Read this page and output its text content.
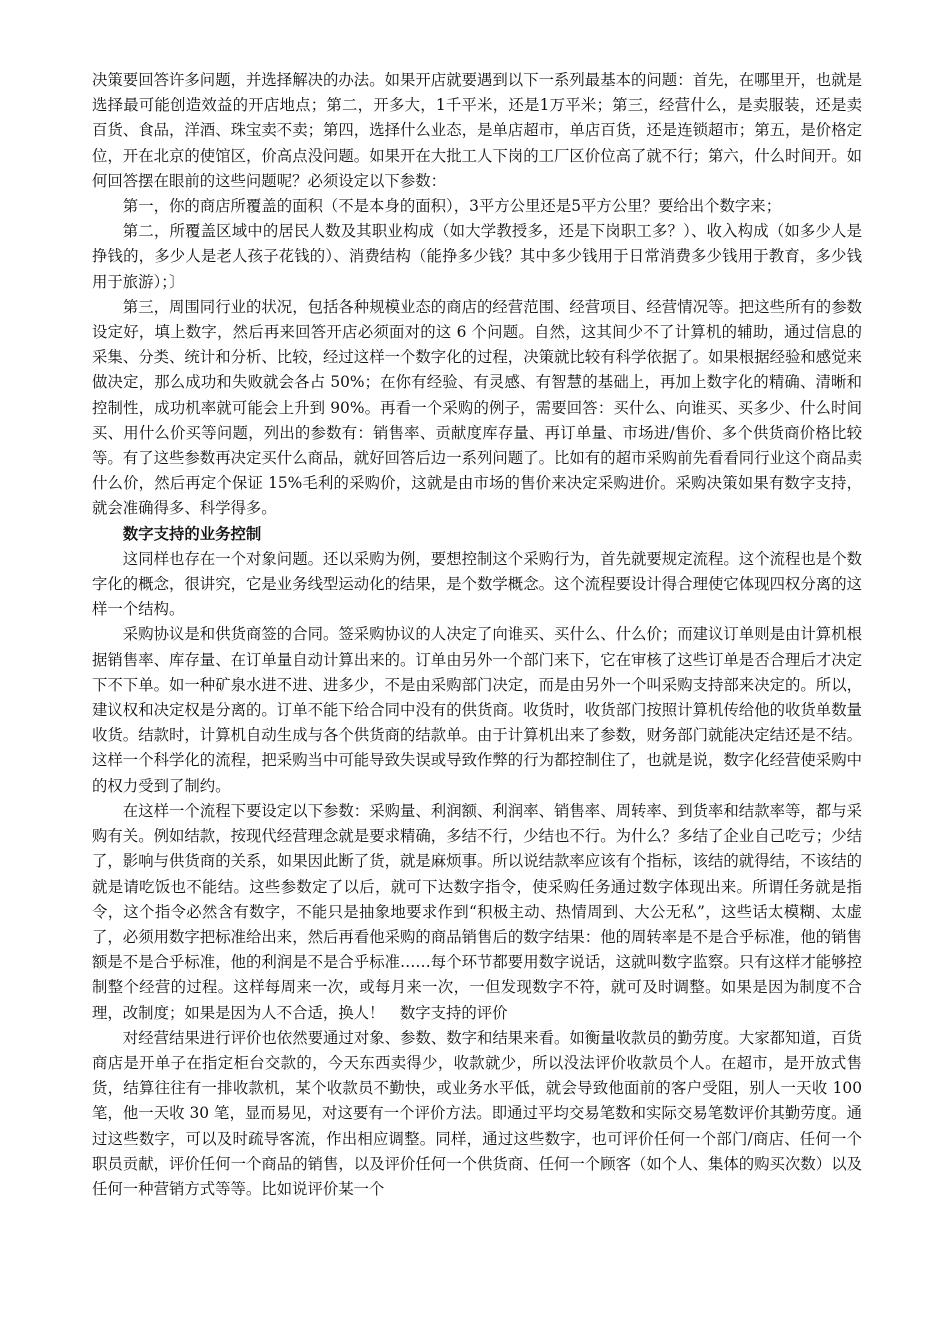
决策要回答许多问题，并选择解决的办法。如果开店就要遇到以下一系列最基本的问题：首先，在哪里开，也就是选择最可能创造效益的开店地点；第二，开多大，1千平米，还是1万平米；第三，经营什么，是卖服装，还是卖百货、食品，洋酒、珠宝卖不卖；第四，选择什么业态，是单店超市，单店百货，还是连锁超市；第五，是价格定位，开在北京的使馆区，价高点没问题。如果开在大批工人下岗的工厂区价位高了就不行；第六，什么时间开。如何回答摆在眼前的这些问题呢？必须设定以下参数：

第一，你的商店所覆盖的面积（不是本身的面积），3平方公里还是5平方公里？要给出个数字来；

第二，所覆盖区域中的居民人数及其职业构成（如大学教授多，还是下岗职工多？）、收入构成（如多少人是挣钱的，多少人是老人孩子花钱的）、消费结构（能挣多少钱？其中多少钱用于日常消费多少钱用于教育，多少钱用于旅游）；〕

第三，周围同行业的状况，包括各种规模业态的商店的经营范围、经营项目、经营情况等。把这些所有的参数设定好，填上数字，然后再来回答开店必须面对的这 6 个问题。自然，这其间少不了计算机的辅助，通过信息的采集、分类、统计和分析、比较，经过这样一个数字化的过程，决策就比较有科学依据了。如果根据经验和感觉来做决定，那么成功和失败就会各占 50%；在你有经验、有灵感、有智慧的基础上，再加上数字化的精确、清晰和控制性，成功机率就可能会上升到 90%。再看一个采购的例子，需要回答：买什么、向谁买、买多少、什么时间买、用什么价买等问题，列出的参数有：销售率、贡献度库存量、再订单量、市场进/售价、多个供货商价格比较等。有了这些参数再决定买什么商品，就好回答后边一系列问题了。比如有的超市采购前先看看同行业这个商品卖什么价，然后再定个保证 15%毛利的采购价，这就是由市场的售价来决定采购进价。采购决策如果有数字支持，就会准确得多、科学得多。

数字支持的业务控制

这同样也存在一个对象问题。还以采购为例，要想控制这个采购行为，首先就要规定流程。这个流程也是个数字化的概念，很讲究，它是业务线型运动化的结果，是个数学概念。这个流程要设计得合理使它体现四权分离的这样一个结构。

采购协议是和供货商签的合同。签采购协议的人决定了向谁买、买什么、什么价；而建议订单则是由计算机根据销售率、库存量、在订单量自动计算出来的。订单由另外一个部门来下，它在审核了这些订单是否合理后才决定下不下单。如一种矿泉水进不进、进多少，不是由采购部门决定，而是由另外一个叫采购支持部来决定的。所以，建议权和决定权是分离的。订单不能下给合同中没有的供货商。收货时，收货部门按照计算机传给他的收货单数量收货。结款时，计算机自动生成与各个供货商的结款单。由于计算机出来了参数，财务部门就能决定结还是不结。这样一个科学化的流程，把采购当中可能导致失误或导致作弊的行为都控制住了，也就是说，数字化经营使采购中的权力受到了制约。

在这样一个流程下要设定以下参数：采购量、利润额、利润率、销售率、周转率、到货率和结款率等，都与采购有关。例如结款，按现代经营理念就是要求精确，多结不行，少结也不行。为什么？多结了企业自己吃亏；少结了，影响与供货商的关系，如果因此断了货，就是麻烦事。所以说结款率应该有个指标，该结的就得结，不该结的就是请吃饭也不能结。这些参数定了以后，就可下达数字指令，使采购任务通过数字体现出来。所谓任务就是指令，这个指令必然含有数字，不能只是抽象地要求作到“积极主动、热情周到、大公无私”，这些话太模糊、太虚了，必须用数字把标准给出来，然后再看他采购的商品销售后的数字结果：他的周转率是不是合乎标准，他的销售额是不是合乎标准，他的利润是不是合乎标准……每个环节都要用数字说话，这就叫数字监察。只有这样才能够控制整个经营的过程。这样每周来一次，或每月来一次，一但发现数字不符，就可及时调整。如果是因为制度不合理，改制度；如果是因为人不合适，换人！　数字支持的评价

对经营结果进行评价也依然要通过对象、参数、数字和结果来看。如衡量收款员的勤劳度。大家都知道，百货商店是开单子在指定柜台交款的，今天东西卖得少，收款就少，所以没法评价收款员个人。在超市，是开放式售货，结算往往有一排收款机，某个收款员不勤快，或业务水平低，就会导致他面前的客户受阻，别人一天收 100 笔，他一天收 30 笔，显而易见，对这要有一个评价方法。即通过平均交易笔数和实际交易笔数评价其勤劳度。通过这些数字，可以及时疏导客流，作出相应调整。同样，通过这些数字，也可评价任何一个部门/商店、任何一个职员贡献，评价任何一个商品的销售，以及评价任何一个供货商、任何一个顾客（如个人、集体的购买次数）以及任何一种营销方式等等。比如说评价某一个
